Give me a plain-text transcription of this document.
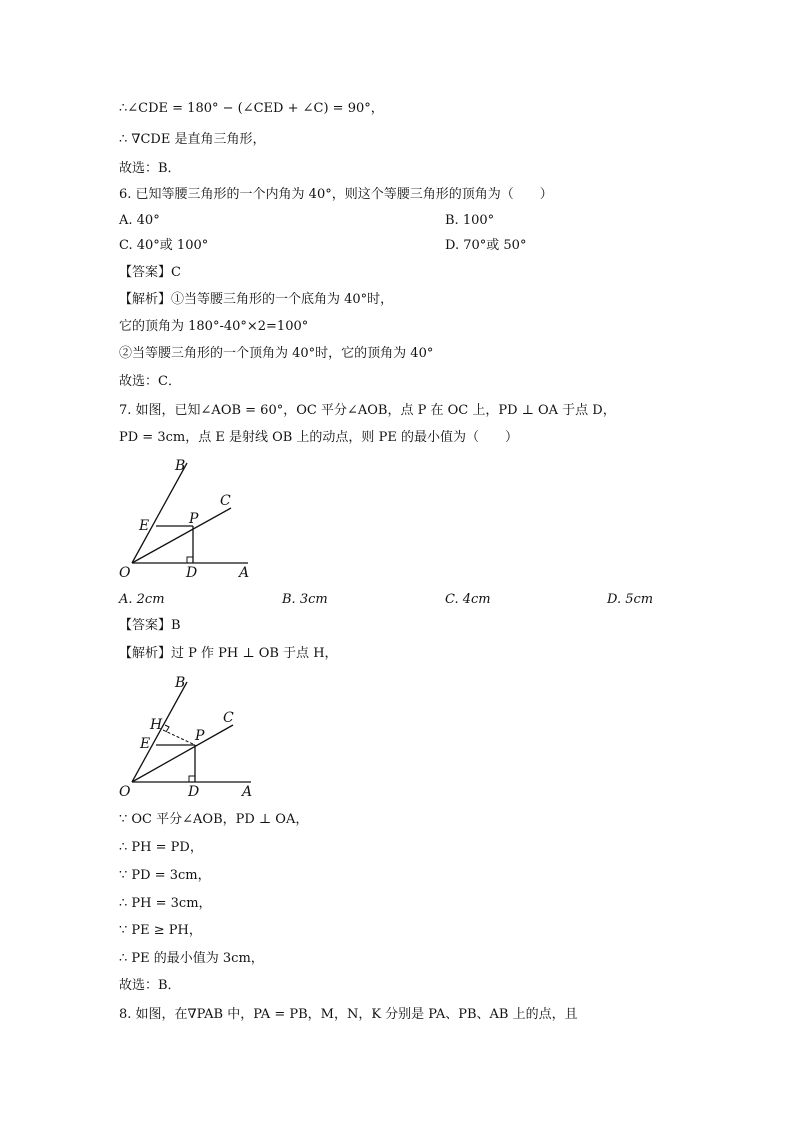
∴∠CDE = 180° − (∠CED + ∠C) = 90°，
∴ ∇CDE 是直角三角形，
故选：B．
6. 已知等腰三角形的一个内角为 40°，则这个等腰三角形的顶角为（　　）
A. 40°	B. 100°
C. 40°或 100°	D. 70°或 50°
【答案】C
【解析】①当等腰三角形的一个底角为 40°时，
它的顶角为 180°-40°×2=100°
②当等腰三角形的一个顶角为 40°时，它的顶角为 40°
故选：C．
7. 如图，已知∠AOB = 60°，OC 平分∠AOB，点 P 在 OC 上，PD ⊥ OA 于点 D，
PD = 3cm，点 E 是射线 OB 上的动点，则 PE 的最小值为（　　）
B
C
E	P
O	D	A
A. 2cm	B. 3cm	C. 4cm	D. 5cm
【答案】B
【解析】过 P 作 PH ⊥ OB 于点 H，
B
H	C
E	P
O	D	A
∵ OC 平分∠AOB，PD ⊥ OA，
∴ PH = PD，
∵ PD = 3cm，
∴ PH = 3cm，
∵ PE ≥ PH，
∴ PE 的最小值为 3cm，
故选：B．
8. 如图，在∇PAB 中，PA = PB，M，N，K 分别是 PA、PB、AB 上的点，且
